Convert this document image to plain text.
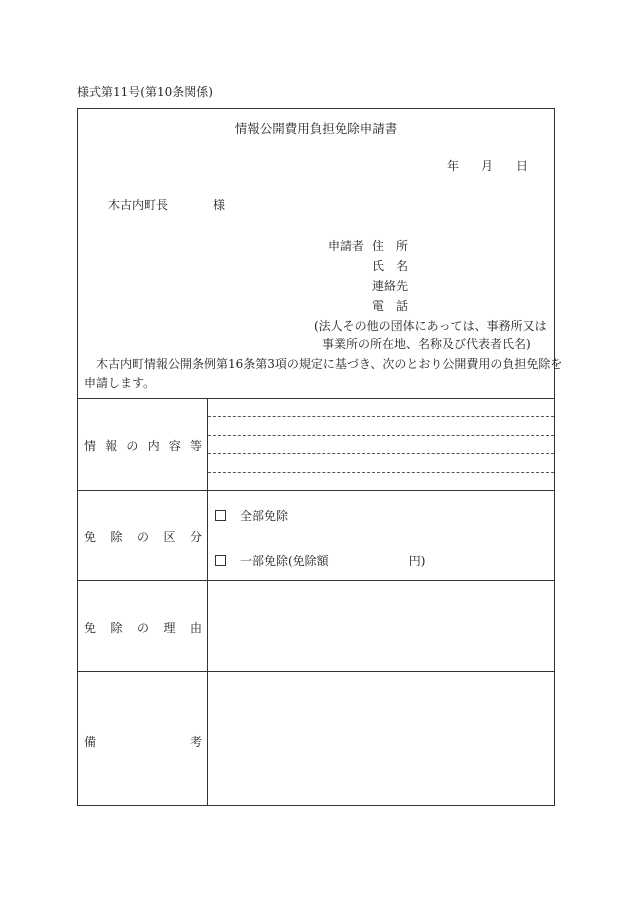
様式第11号(第10条関係)
情報公開費用負担免除申請書
年 月 日
木古内町長	様
申請者 住　所
氏　名
連絡先
電　話
(法人その他の団体にあっては、事務所又は
事業所の所在地、名称及び代表者氏名)
木古内町情報公開条例第16条第3項の規定に基づき、次のとおり公開費用の負担免除を
申請します。
情 報 の 内 容 等
免 除 の 区 分
全部免除
一部免除(免除額	円)
免 除 の 理 由
備	考
